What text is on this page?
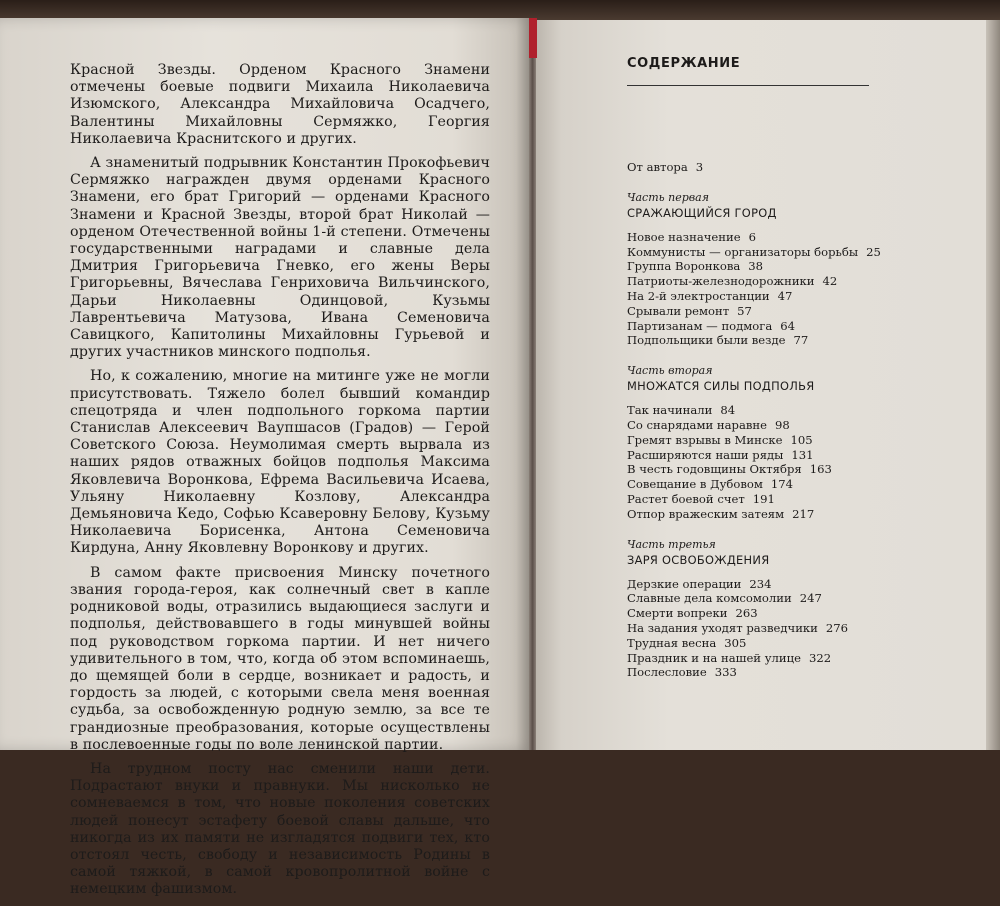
Красной Звезды. Орденом Красного Знамени отмечены боевые подвиги Михаила Николаевича Изюмского, Александра Михайловича Осадчего, Валентины Михайловны Сермяжко, Георгия Николаевича Краснитского и других.

А знаменитый подрывник Константин Прокофьевич Сермяжко награжден двумя орденами Красного Знамени, его брат Григорий — орденами Красного Знамени и Красной Звезды, второй брат Николай — орденом Отечественной войны 1-й степени. Отмечены государственными наградами и славные дела Дмитрия Григорьевича Гневко, его жены Веры Григорьевны, Вячеслава Генриховича Вильчинского, Дарьи Николаевны Одинцовой, Кузьмы Лаврентьевича Матузова, Ивана Семеновича Савицкого, Капитолины Михайловны Гурьевой и других участников минского подполья.

Но, к сожалению, многие на митинге уже не могли присутствовать. Тяжело болел бывший командир спецотряда и член подпольного горкома партии Станислав Алексеевич Ваупшасов (Градов) — Герой Советского Союза. Неумолимая смерть вырвала из наших рядов отважных бойцов подполья Максима Яковлевича Воронкова, Ефрема Васильевича Исаева, Ульяну Николаевну Козлову, Александра Демьяновича Кедо, Софью Ксаверовну Белову, Кузьму Николаевича Борисенка, Антона Семеновича Кирдуна, Анну Яковлевну Воронкову и других.

В самом факте присвоения Минску почетного звания города-героя, как солнечный свет в капле родниковой воды, отразились выдающиеся заслуги и подполья, действовавшего в годы минувшей войны под руководством горкома партии. И нет ничего удивительного в том, что, когда об этом вспоминаешь, до щемящей боли в сердце, возникает и радость, и гордость за людей, с которыми свела меня военная судьба, за освобожденную родную землю, за все те грандиозные преобразования, которые осуществлены в послевоенные годы по воле ленинской партии.

На трудном посту нас сменили наши дети. Подрастают внуки и правнуки. Мы нисколько не сомневаемся в том, что новые поколения советских людей понесут эстафету боевой славы дальше, что никогда из их памяти не изгладятся подвиги тех, кто отстоял честь, свободу и независимость Родины в самой тяжкой, в самой кровопролитной войне с немецким фашизмом.

СОДЕРЖАНИЕ
От автора 3
Часть первая
СРАЖАЮЩИЙСЯ ГОРОД
Новое назначение 6
Коммунисты — организаторы борьбы 25
Группа Воронкова 38
Патриоты-железнодорожники 42
На 2-й электростанции 47
Срывали ремонт 57
Партизанам — подмога 64
Подпольщики были везде 77
Часть вторая
МНОЖАТСЯ СИЛЫ ПОДПОЛЬЯ
Так начинали 84
Со снарядами наравне 98
Гремят взрывы в Минске 105
Расширяются наши ряды 131
В честь годовщины Октября 163
Совещание в Дубовом 174
Растет боевой счет 191
Отпор вражеским затеям 217
Часть третья
ЗАРЯ ОСВОБОЖДЕНИЯ
Дерзкие операции 234
Славные дела комсомолии 247
Смерти вопреки 263
На задания уходят разведчики 276
Трудная весна 305
Праздник и на нашей улице 322
Послесловие 333
